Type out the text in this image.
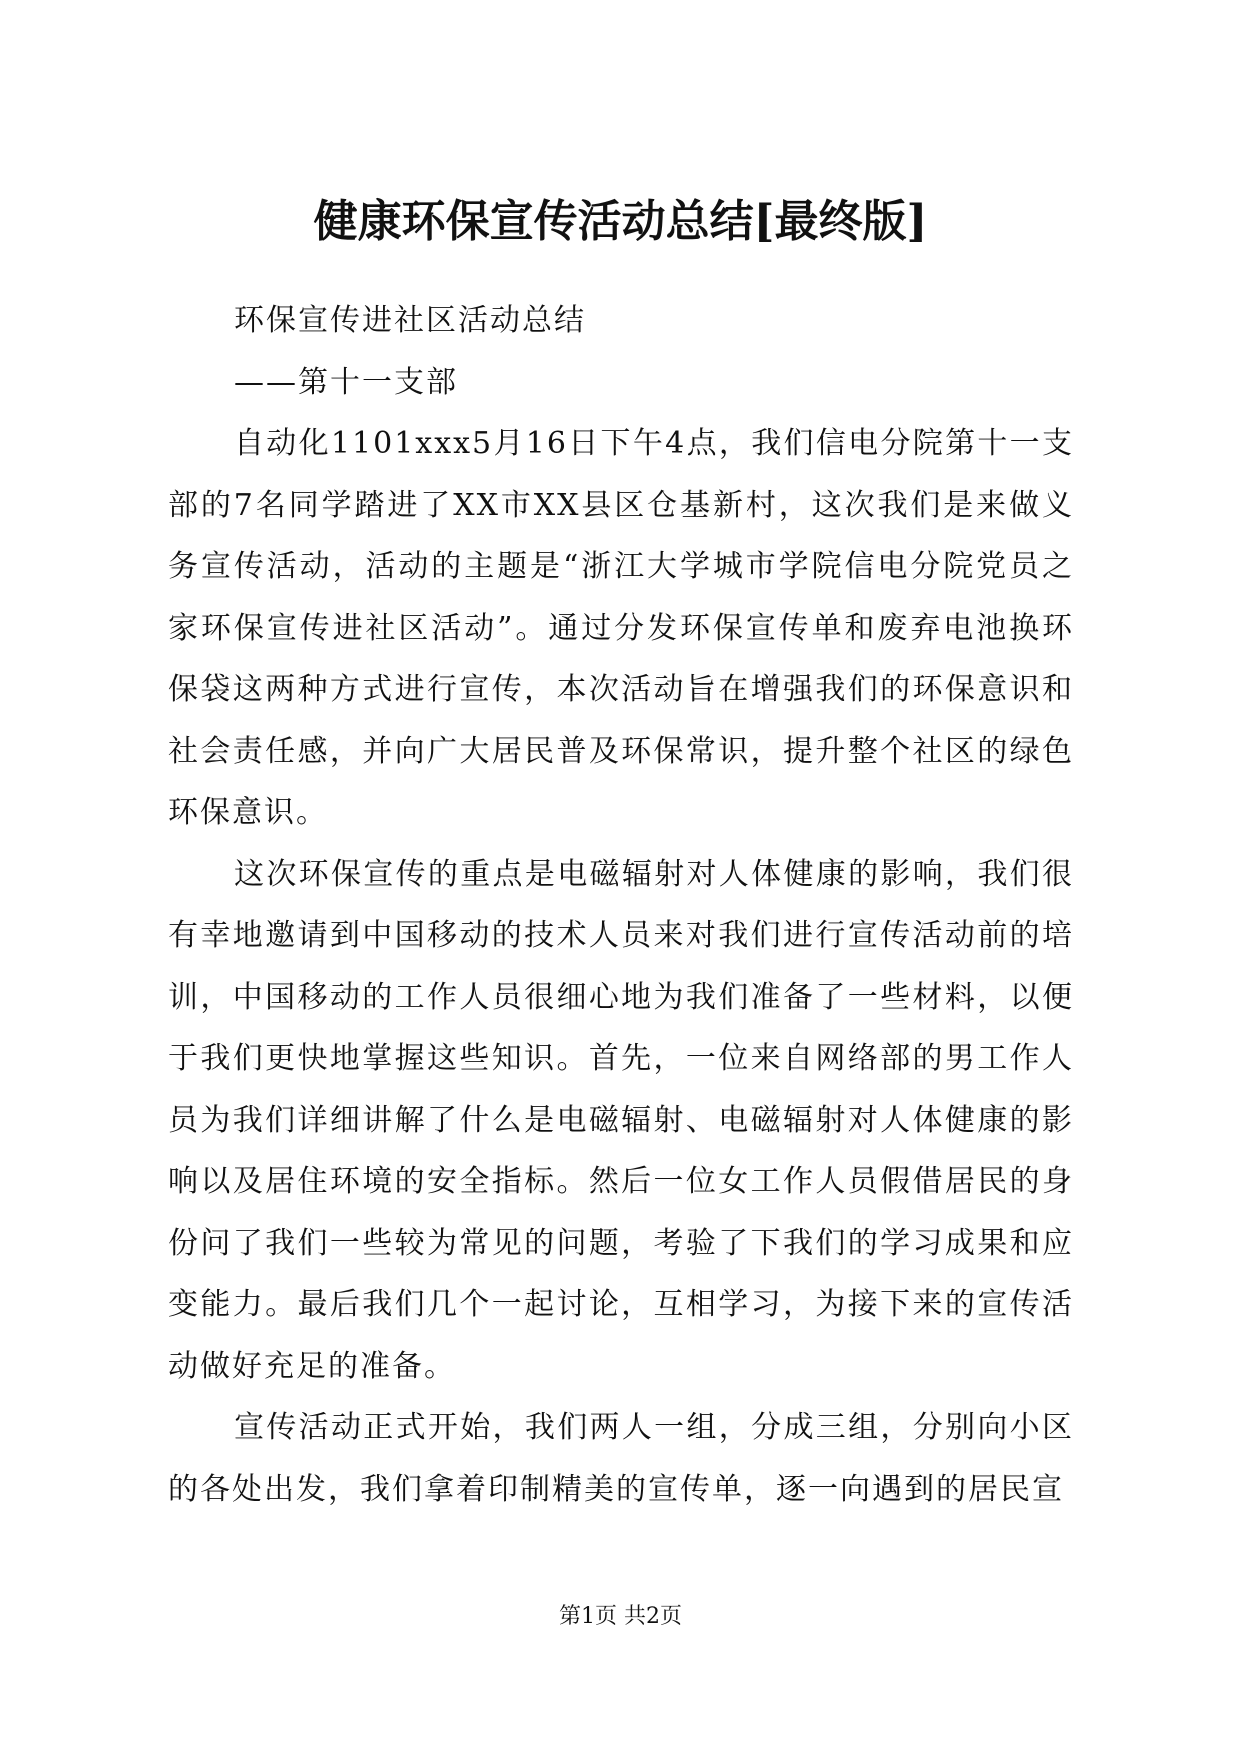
健康环保宣传活动总结[最终版]

环保宣传进社区活动总结

——第十一支部

自动化1101xxx5月16日下午4点，我们信电分院第十一支部的7名同学踏进了XX市XX县区仓基新村，这次我们是来做义务宣传活动，活动的主题是“浙江大学城市学院信电分院党员之家环保宣传进社区活动”。通过分发环保宣传单和废弃电池换环保袋这两种方式进行宣传，本次活动旨在增强我们的环保意识和社会责任感，并向广大居民普及环保常识，提升整个社区的绿色环保意识。

这次环保宣传的重点是电磁辐射对人体健康的影响，我们很有幸地邀请到中国移动的技术人员来对我们进行宣传活动前的培训，中国移动的工作人员很细心地为我们准备了一些材料，以便于我们更快地掌握这些知识。首先，一位来自网络部的男工作人员为我们详细讲解了什么是电磁辐射、电磁辐射对人体健康的影响以及居住环境的安全指标。然后一位女工作人员假借居民的身份问了我们一些较为常见的问题，考验了下我们的学习成果和应变能力。最后我们几个一起讨论，互相学习，为接下来的宣传活动做好充足的准备。

宣传活动正式开始，我们两人一组，分成三组，分别向小区的各处出发，我们拿着印制精美的宣传单，逐一向遇到的居民宣

第1页 共2页
